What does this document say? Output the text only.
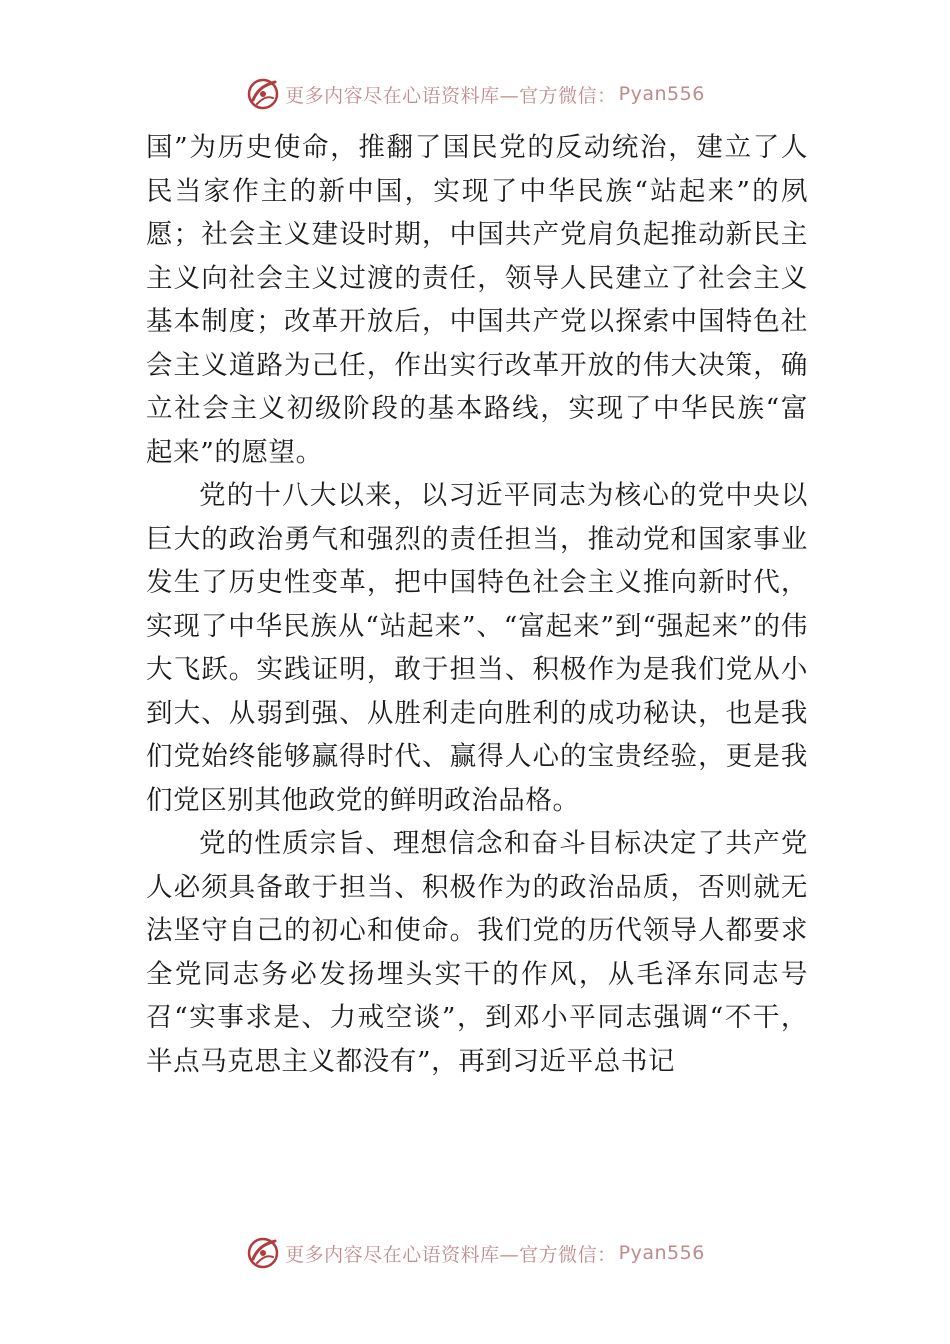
更多内容尽在心语资料库—官方微信： Pyan556

国”为历史使命，推翻了国民党的反动统治，建立了人民当家作主的新中国，实现了中华民族“站起来”的夙愿；社会主义建设时期，中国共产党肩负起推动新民主主义向社会主义过渡的责任，领导人民建立了社会主义基本制度；改革开放后，中国共产党以探索中国特色社会主义道路为己任，作出实行改革开放的伟大决策，确立社会主义初级阶段的基本路线，实现了中华民族“富起来”的愿望。

党的十八大以来，以习近平同志为核心的党中央以巨大的政治勇气和强烈的责任担当，推动党和国家事业发生了历史性变革，把中国特色社会主义推向新时代，实现了中华民族从“站起来”、“富起来”到“强起来”的伟大飞跃。实践证明，敢于担当、积极作为是我们党从小到大、从弱到强、从胜利走向胜利的成功秘诀，也是我们党始终能够赢得时代、赢得人心的宝贵经验，更是我们党区别其他政党的鲜明政治品格。

党的性质宗旨、理想信念和奋斗目标决定了共产党人必须具备敢于担当、积极作为的政治品质，否则就无法坚守自己的初心和使命。我们党的历代领导人都要求全党同志务必发扬埋头实干的作风，从毛泽东同志号召“实事求是、力戒空谈”，到邓小平同志强调“不干，半点马克思主义都没有”，再到习近平总书记

更多内容尽在心语资料库—官方微信： Pyan556
